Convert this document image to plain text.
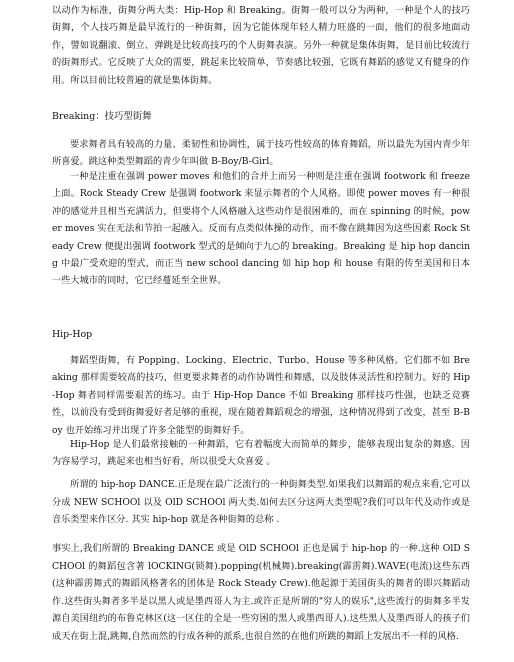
以动作为标准，街舞分两大类：Hip-Hop 和 Breaking。街舞一般可以分为两种，一种是个人的技巧街舞，个人技巧舞是最早流行的一种街舞，因为它能体现年轻人精力旺盛的一面，他们的很多地面动作，譬如说翻滚、倒立、弹跳是比较高技巧的个人街舞表演。另外一种就是集体街舞，是目前比较流行的街舞形式。它反映了大众的需要，跳起来比较简单，节奏感比较强，它既有舞蹈的感觉又有健身的作用。所以目前比较普遍的就是集体街舞。

Breaking：技巧型街舞

要求舞者具有较高的力量、柔韧性和协调性，属于技巧性较高的体育舞蹈，所以最先为国内青少年所喜爱。跳这种类型舞蹈的青少年叫做 B-Boy/B-Girl。

一种是注重在强调 power moves 和他们的合并上而另一种则是注重在强调 footwork 和 freeze 上面。Rock Steady Crew 是强调 footwork 来显示舞者的个人风格。即使 power moves 有一种很冲的感觉并且相当充满活力，但要将个人风格融入这些动作是很困难的，而在 spinning 的时候，power moves 实在无法和节拍一起融入。反而有点类似体操的动作，而不像在跳舞因为这些因素 Rock Steady Crew 便提出强调 footwork 型式的是倾向于九○的 breaking。Breaking 是 hip hop dancing 中最广受欢迎的型式，而正当 new school dancing 如 hip hop 和 house 有限的传至美国和日本一些大城市的同时，它已经蔓延至全世界。

Hip-Hop

舞蹈型街舞，有 Popping、Locking、Electric、Turbo、House 等多种风格。它们都不如 Breaking 那样需要较高的技巧，但更要求舞者的动作协调性和舞感，以及肢体灵活性和控制力。好的 Hip-Hop 舞者同样需要艰苦的练习。由于 Hip-Hop Dance 不如 Breaking 那样技巧性强，也缺乏竞赛性，以前没有受到街舞爱好者足够的重视，现在随着舞蹈观念的增强，这种情况得到了改变，甚至 B-Boy 也开始练习并出现了许多全能型的街舞好手。

Hip-Hop 是人们最常接触的一种舞蹈，它有着幅度大而简单的舞步，能够表现出复杂的舞感。因为容易学习，跳起来也相当好看，所以很受大众喜爱 。

所谓的 hip-hop DANCE.正是现在最广泛流行的一种街舞类型.如果我们以舞蹈的观点来看,它可以分成 NEW SCHOOl 以及 OlD SCHOOl 两大类.如何去区分这两大类型呢?我们可以年代及动作或是音乐类型来作区分. 其实 hip-hop 就是各种街舞的总称 .

事实上,我们所谓的 Breaking DANCE 或是 OlD SCHOOl 正也是属于 hip-hop 的一种.这种 OlD SCHOOl 的舞蹈包含著 lOCKING(锁舞).popping(机械舞).breaking(霹雳舞).WAVE(电流)这些东西(这种霹雳舞式的舞蹈风格著名的团体是 Rock Steady Crew).他起源于美国街头的舞者的即兴舞蹈动作.这些街头舞者多半是以黑人或是墨西哥人为主.或许正是所谓的"穷人的娱乐",这些流行的街舞多半发源自美国纽约的布鲁克林区(这一区住的全是一些穷困的黑人或墨西哥人).这些黑人及墨西哥人的孩子们成天在街上混,跳舞,自然而然的行成各种的派系,也很自然的在他们所跳的舞蹈上发展出不一样的风格.
